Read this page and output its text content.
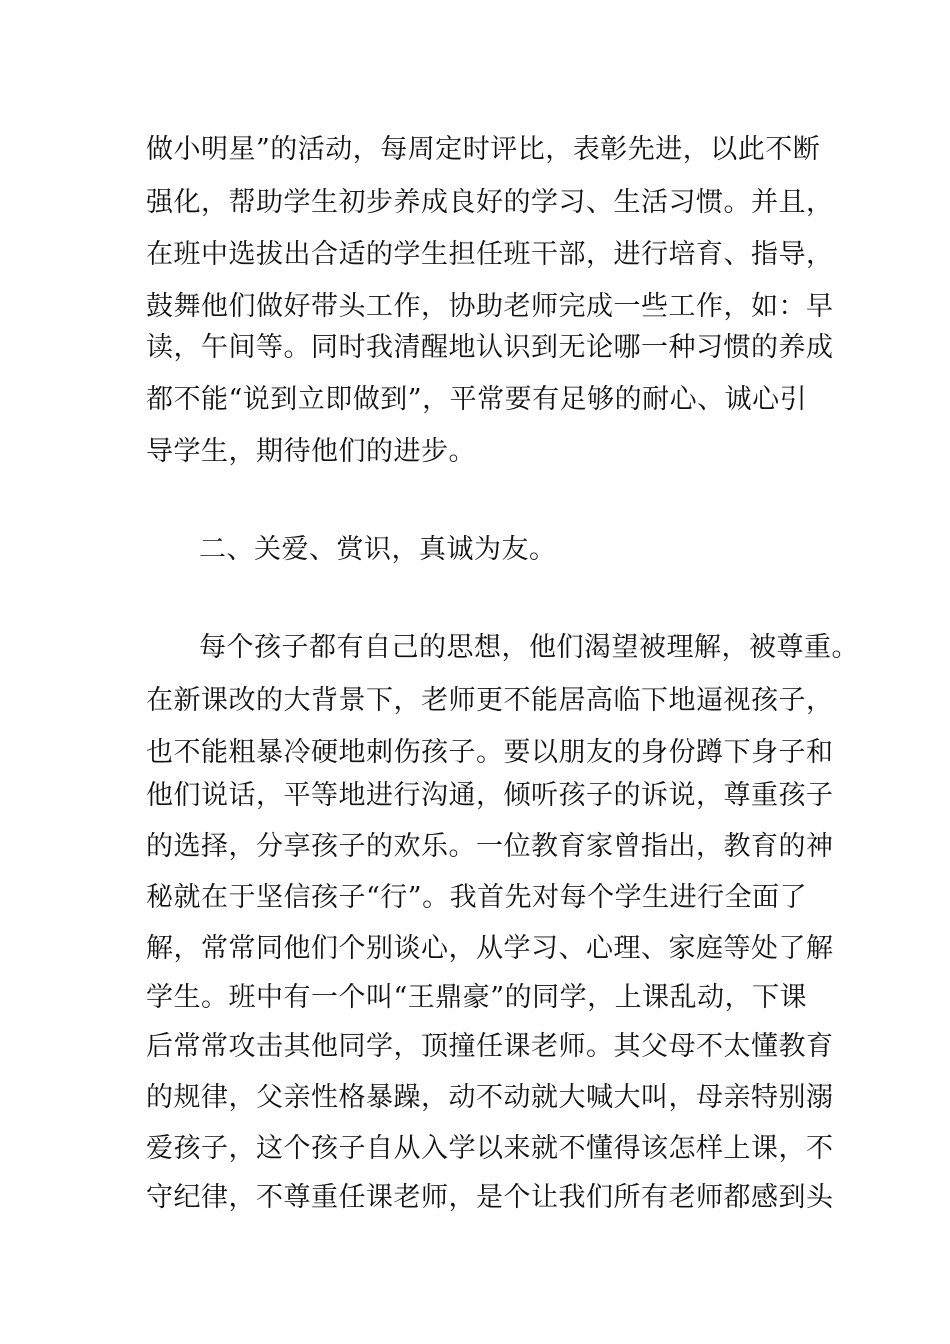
做小明星”的活动，每周定时评比，表彰先进，以此不断
强化，帮助学生初步养成良好的学习、生活习惯。并且，
在班中选拔出合适的学生担任班干部，进行培育、指导，
鼓舞他们做好带头工作，协助老师完成一些工作，如：早
读，午间等。同时我清醒地认识到无论哪一种习惯的养成
都不能“说到立即做到”，平常要有足够的耐心、诚心引
导学生，期待他们的进步。
二、关爱、赏识，真诚为友。
每个孩子都有自己的思想，他们渴望被理解，被尊重。
在新课改的大背景下，老师更不能居高临下地逼视孩子，
也不能粗暴冷硬地刺伤孩子。要以朋友的身份蹲下身子和
他们说话，平等地进行沟通，倾听孩子的诉说，尊重孩子
的选择，分享孩子的欢乐。一位教育家曾指出，教育的神
秘就在于坚信孩子“行”。我首先对每个学生进行全面了
解，常常同他们个别谈心，从学习、心理、家庭等处了解
学生。班中有一个叫“王鼎豪”的同学，上课乱动，下课
后常常攻击其他同学，顶撞任课老师。其父母不太懂教育
的规律，父亲性格暴躁，动不动就大喊大叫，母亲特别溺
爱孩子，这个孩子自从入学以来就不懂得该怎样上课，不
守纪律，不尊重任课老师，是个让我们所有老师都感到头
